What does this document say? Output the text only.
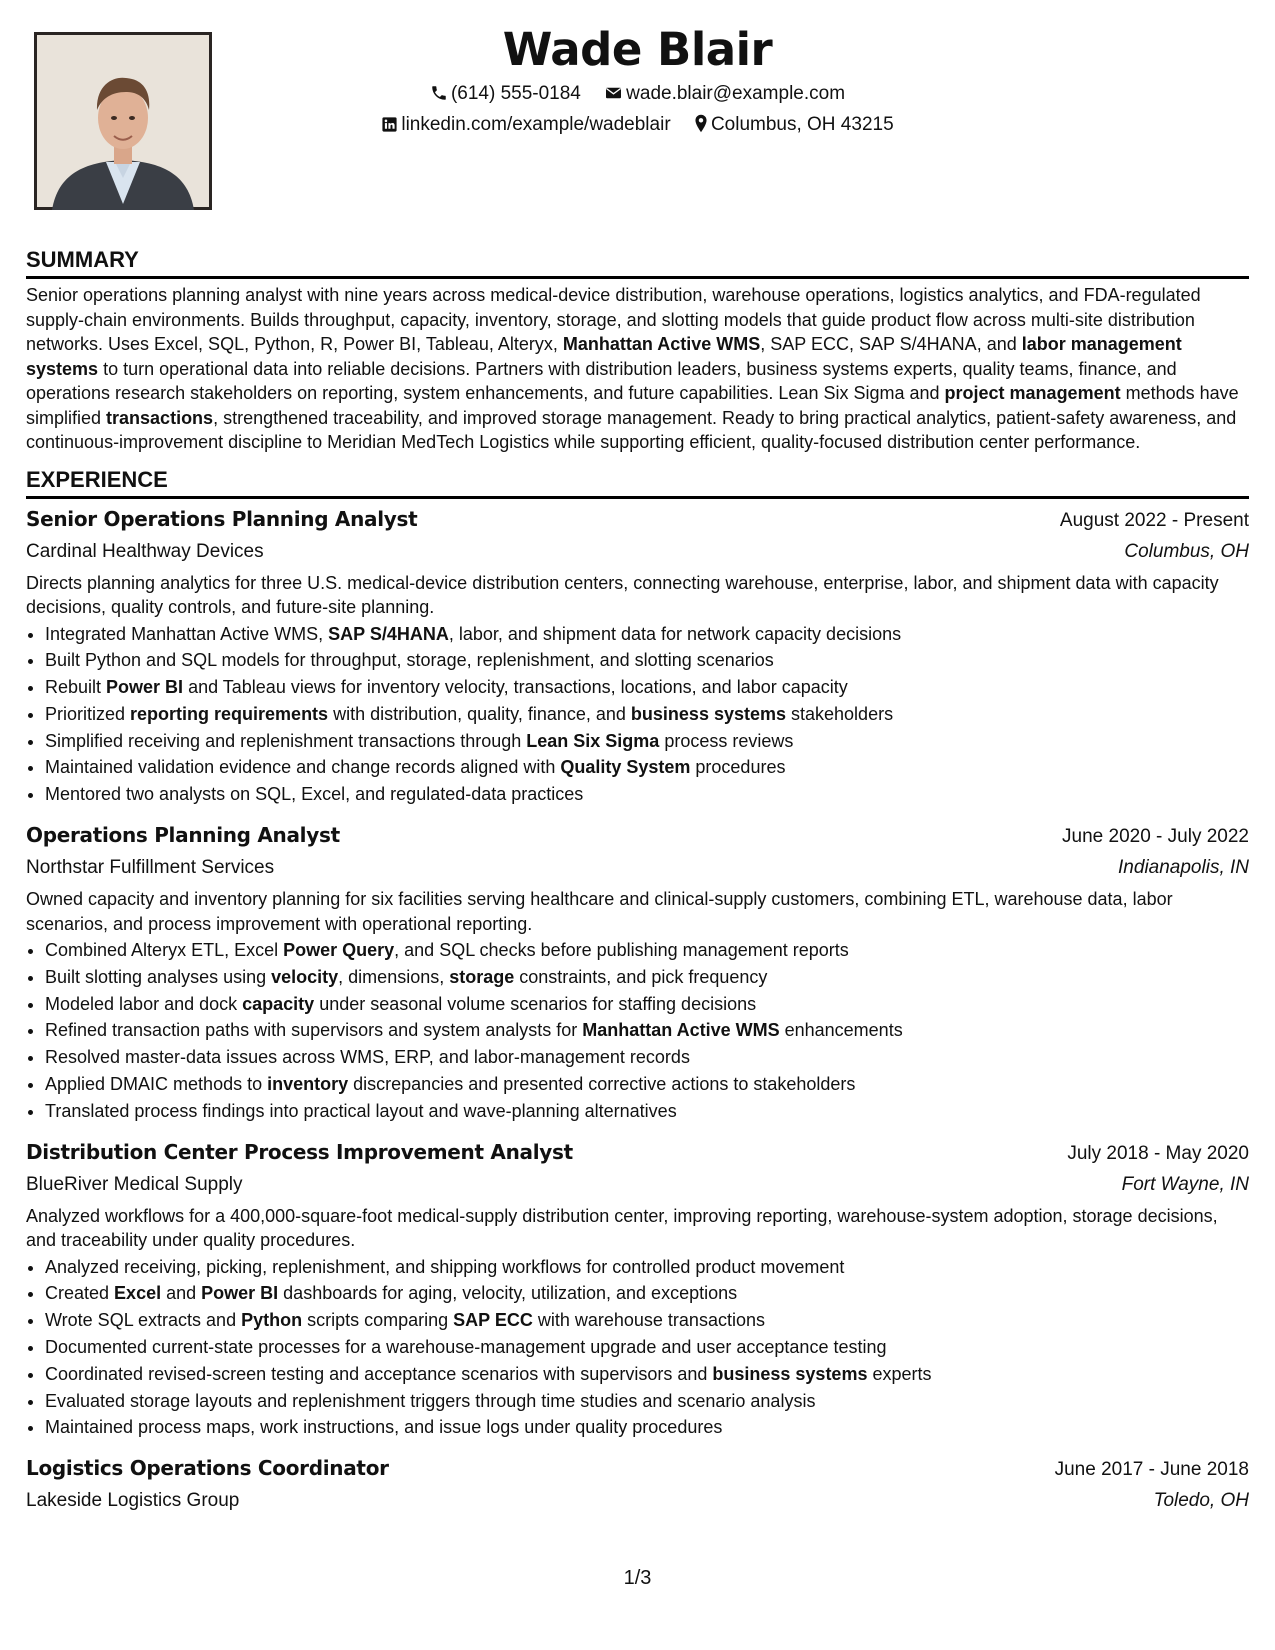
Wade Blair
(614) 555-0184 wade.blair@example.com
linkedin.com/example/wadeblair Columbus, OH 43215
SUMMARY

Senior operations planning analyst with nine years across medical-device distribution, warehouse operations, logistics analytics, and FDA-regulated supply-chain environments. Builds throughput, capacity, inventory, storage, and slotting models that guide product flow across multi-site distribution networks. Uses Excel, SQL, Python, R, Power BI, Tableau, Alteryx, Manhattan Active WMS, SAP ECC, SAP S/4HANA, and labor management systems to turn operational data into reliable decisions. Partners with distribution leaders, business systems experts, quality teams, finance, and operations research stakeholders on reporting, system enhancements, and future capabilities. Lean Six Sigma and project management methods have simplified transactions, strengthened traceability, and improved storage management. Ready to bring practical analytics, patient-safety awareness, and continuous-improvement discipline to Meridian MedTech Logistics while supporting efficient, quality-focused distribution center performance.

EXPERIENCE
Senior Operations Planning Analyst	August 2022 - Present
Cardinal Healthway Devices	Columbus, OH
Directs planning analytics for three U.S. medical-device distribution centers, connecting warehouse, enterprise, labor, and shipment data with capacity decisions, quality controls, and future-site planning.
• Integrated Manhattan Active WMS, SAP S/4HANA, labor, and shipment data for network capacity decisions
• Built Python and SQL models for throughput, storage, replenishment, and slotting scenarios
• Rebuilt Power BI and Tableau views for inventory velocity, transactions, locations, and labor capacity
• Prioritized reporting requirements with distribution, quality, finance, and business systems stakeholders
• Simplified receiving and replenishment transactions through Lean Six Sigma process reviews
• Maintained validation evidence and change records aligned with Quality System procedures
• Mentored two analysts on SQL, Excel, and regulated-data practices
Operations Planning Analyst	June 2020 - July 2022
Northstar Fulfillment Services	Indianapolis, IN
Owned capacity and inventory planning for six facilities serving healthcare and clinical-supply customers, combining ETL, warehouse data, labor scenarios, and process improvement with operational reporting.
• Combined Alteryx ETL, Excel Power Query, and SQL checks before publishing management reports
• Built slotting analyses using velocity, dimensions, storage constraints, and pick frequency
• Modeled labor and dock capacity under seasonal volume scenarios for staffing decisions
• Refined transaction paths with supervisors and system analysts for Manhattan Active WMS enhancements
• Resolved master-data issues across WMS, ERP, and labor-management records
• Applied DMAIC methods to inventory discrepancies and presented corrective actions to stakeholders
• Translated process findings into practical layout and wave-planning alternatives
Distribution Center Process Improvement Analyst	July 2018 - May 2020
BlueRiver Medical Supply	Fort Wayne, IN
Analyzed workflows for a 400,000-square-foot medical-supply distribution center, improving reporting, warehouse-system adoption, storage decisions, and traceability under quality procedures.
• Analyzed receiving, picking, replenishment, and shipping workflows for controlled product movement
• Created Excel and Power BI dashboards for aging, velocity, utilization, and exceptions
• Wrote SQL extracts and Python scripts comparing SAP ECC with warehouse transactions
• Documented current-state processes for a warehouse-management upgrade and user acceptance testing
• Coordinated revised-screen testing and acceptance scenarios with supervisors and business systems experts
• Evaluated storage layouts and replenishment triggers through time studies and scenario analysis
• Maintained process maps, work instructions, and issue logs under quality procedures
Logistics Operations Coordinator	June 2017 - June 2018
Lakeside Logistics Group	Toledo, OH
1/3
